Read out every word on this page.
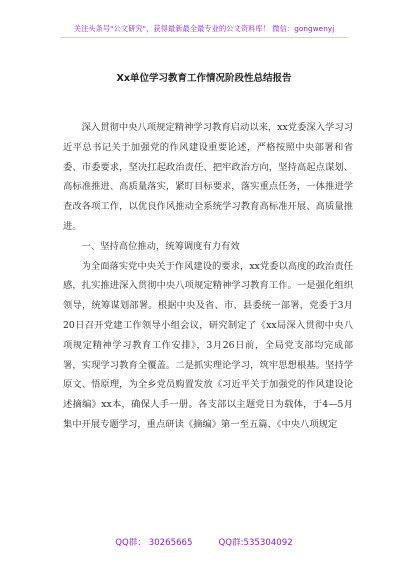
关注头条号"公文研究"，获得最新最全最专业的公文资料库！ 微信：gongwenyj
Xx单位学习教育工作情况阶段性总结报告

深入贯彻中央八项规定精神学习教育启动以来，xx党委深入学习习近平总书记关于加强党的作风建设重要论述，严格按照中央部署和省委、市委要求，坚决扛起政治责任、把牢政治方向，坚持高起点谋划、高标准推进、高质量落实，紧盯目标要求，落实重点任务，一体推进学查改各项工作，以优良作风推动全系统学习教育高标准开展、高质量推进。

一、坚持高位推动，统筹调度有力有效

为全面落实党中央关于作风建设的要求，xx党委以高度的政治责任感，扎实推进深入贯彻中央八项规定精神学习教育工作。一是强化组织领导，统筹谋划部署。根据中央及省、市、县委统一部署，党委于3月20日召开党建工作领导小组会议，研究制定了《xx局深入贯彻中央八项规定精神学习教育工作安排》，3月26日前，全局党支部均完成部署，实现学习教育全覆盖。二是抓实理论学习，筑牢思想根基。坚持学原文、悟原理，为全乡党员购置发放《习近平关于加强党的作风建设论述摘编》xx本，确保人手一册。各支部以主题党日为载体，于4—5月集中开展专题学习，重点研读《摘编》第一至五篇、《中央八项规定

QQ群： 30265665	QQ群:535304092
